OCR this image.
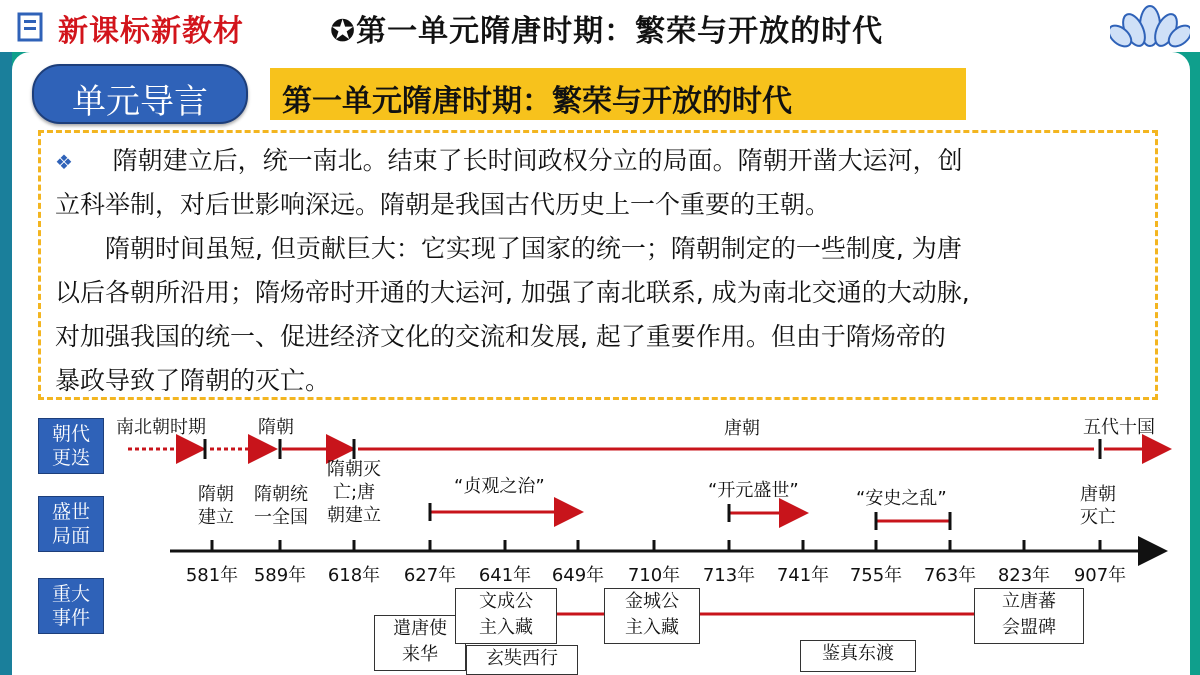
新课标新教材	✪第一单元隋唐时期：繁荣与开放的时代
单元导言	第一单元隋唐时期：繁荣与开放的时代
❖ 隋朝建立后，统一南北。结束了长时间政权分立的局面。隋朝开凿大运河，创
立科举制，对后世影响深远。隋朝是我国古代历史上一个重要的王朝。
隋朝时间虽短, 但贡献巨大：它实现了国家的统一；隋朝制定的一些制度, 为唐
以后各朝所沿用；隋炀帝时开通的大运河, 加强了南北联系, 成为南北交通的大动脉,
对加强我国的统一、促进经济文化的交流和发展, 起了重要作用。但由于隋炀帝的
暴政导致了隋朝的灭亡。
朝代
更迭
盛世
局面
重大
事件
南北朝时期	隋朝	唐朝	五代十国
隋朝
建立
隋朝统
一全国
隋朝灭
亡;唐
朝建立
唐朝
灭亡
“贞观之治”	“开元盛世”	“安史之乱”
581年 589年	618年	627年	641年	649年	710年	713年	741年	755年	763年	823年	907年
遣唐使
来华
文成公
主入藏
玄奘西行
金城公
主入藏
鉴真东渡
立唐蕃
会盟碑
